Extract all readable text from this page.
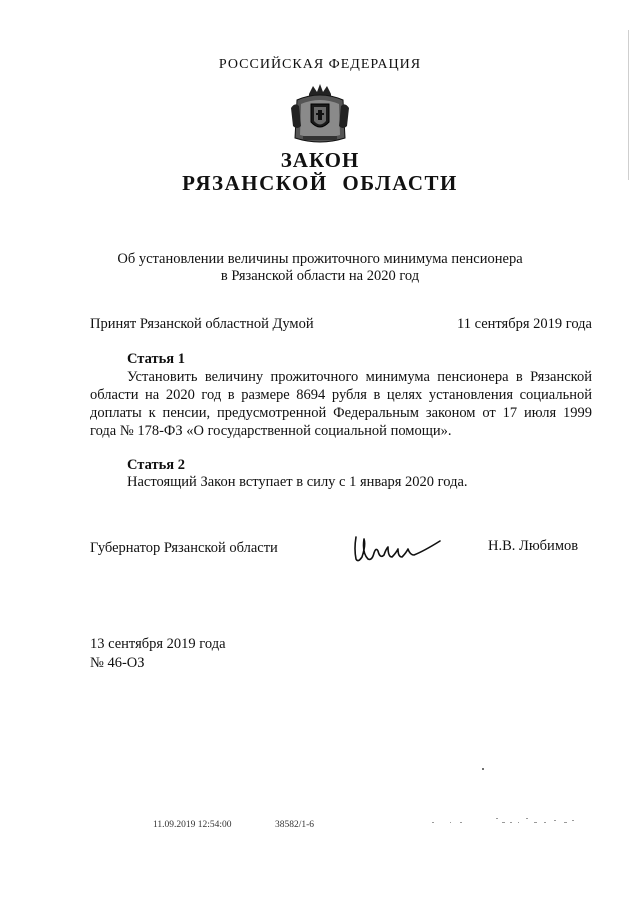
РОССИЙСКАЯ ФЕДЕРАЦИЯ
ЗАКОН
РЯЗАНСКОЙ ОБЛАСТИ
Об установлении величины прожиточного минимума пенсионера
в Рязанской области на 2020 год
Принят Рязанской областной Думой	11 сентября 2019 года
Статья 1
Установить величину прожиточного минимума пенсионера в Рязанской области на 2020 год в размере 8694 рубля в целях установления социальной доплаты к пенсии, предусмотренной Федеральным законом от 17 июля 1999 года № 178-ФЗ «О государственной социальной помощи».
Статья 2
Настоящий Закон вступает в силу с 1 января 2020 года.
Губернатор Рязанской области	Н.В. Любимов
13 сентября 2019 года
№ 46-ОЗ
11.09.2019 12:54:00	38582/1-6
